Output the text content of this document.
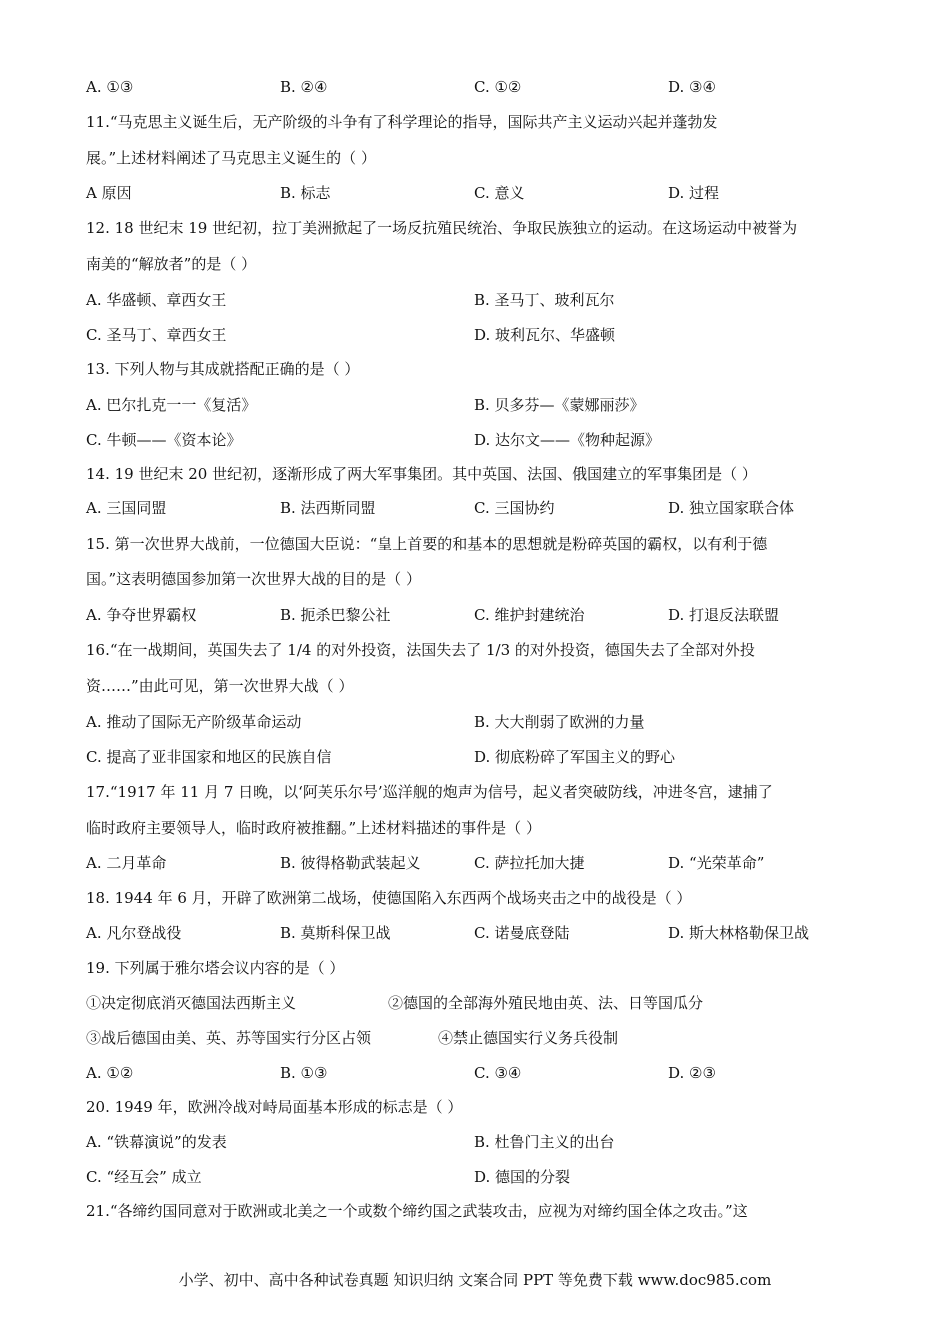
A. ①③	B. ②④	C. ①②	D. ③④
11.“马克思主义诞生后，无产阶级的斗争有了科学理论的指导，国际共产主义运动兴起并蓬勃发
展。”上述材料阐述了马克思主义诞生的（ ）
A 原因	B. 标志	C. 意义	D. 过程
12. 18 世纪末 19 世纪初，拉丁美洲掀起了一场反抗殖民统治、争取民族独立的运动。在这场运动中被誉为
南美的“解放者”的是（ ）
A. 华盛顿、章西女王	B. 圣马丁、玻利瓦尔
C. 圣马丁、章西女王	D. 玻利瓦尔、华盛顿
13. 下列人物与其成就搭配正确的是（ ）
A. 巴尔扎克一一《复活》	B. 贝多芬—《蒙娜丽莎》
C. 牛顿——《资本论》	D. 达尔文——《物种起源》
14. 19 世纪末 20 世纪初，逐渐形成了两大军事集团。其中英国、法国、俄国建立的军事集团是（ ）
A. 三国同盟	B. 法西斯同盟	C. 三国协约	D. 独立国家联合体
15. 第一次世界大战前，一位德国大臣说：“皇上首要的和基本的思想就是粉碎英国的霸权，以有利于德
国。”这表明德国参加第一次世界大战的目的是（ ）
A. 争夺世界霸权	B. 扼杀巴黎公社	C. 维护封建统治	D. 打退反法联盟
16.“在一战期间，英国失去了 1/4 的对外投资，法国失去了 1/3 的对外投资，德国失去了全部对外投
资……”由此可见，第一次世界大战（ ）
A. 推动了国际无产阶级革命运动	B. 大大削弱了欧洲的力量
C. 提高了亚非国家和地区的民族自信	D. 彻底粉碎了军国主义的野心
17.“1917 年 11 月 7 日晚，以‘阿芙乐尔号’巡洋舰的炮声为信号，起义者突破防线，冲进冬宫，逮捕了
临时政府主要领导人，临时政府被推翻。”上述材料描述的事件是（ ）
A. 二月革命	B. 彼得格勒武装起义	C. 萨拉托加大捷	D. “光荣革命”
18. 1944 年 6 月，开辟了欧洲第二战场，使德国陷入东西两个战场夹击之中的战役是（ ）
A. 凡尔登战役	B. 莫斯科保卫战	C. 诺曼底登陆	D. 斯大林格勒保卫战
19. 下列属于雅尔塔会议内容的是（ ）
①决定彻底消灭德国法西斯主义	②德国的全部海外殖民地由英、法、日等国瓜分
③战后德国由美、英、苏等国实行分区占领	④禁止德国实行义务兵役制
A. ①②	B. ①③	C. ③④	D. ②③
20. 1949 年，欧洲冷战对峙局面基本形成的标志是（ ）
A. “铁幕演说”的发表	B. 杜鲁门主义的出台
C. “经互会” 成立	D. 德国的分裂
21.“各缔约国同意对于欧洲或北美之一个或数个缔约国之武装攻击，应视为对缔约国全体之攻击。”这
小学、初中、高中各种试卷真题 知识归纳 文案合同 PPT 等免费下载 www.doc985.com
